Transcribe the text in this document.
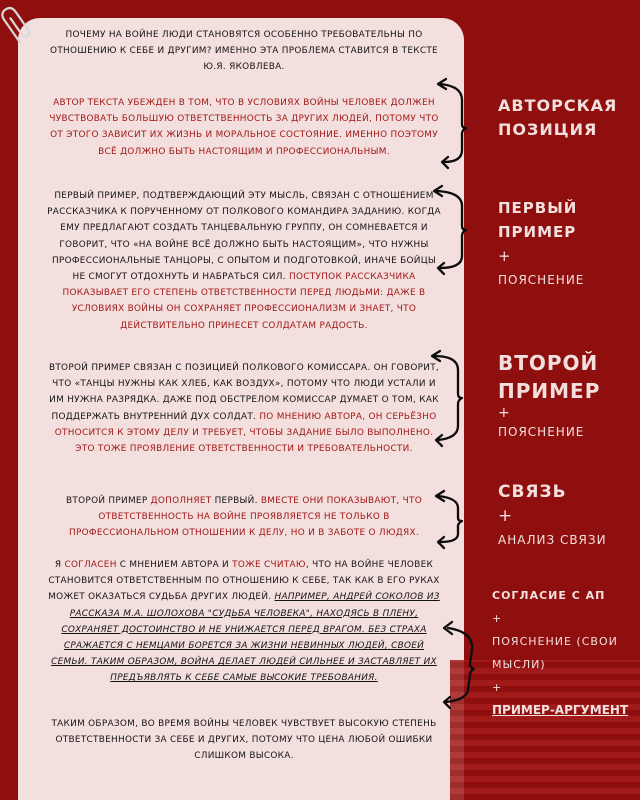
ПОЧЕМУ НА ВОЙНЕ ЛЮДИ СТАНОВЯТСЯ ОСОБЕННО ТРЕБОВАТЕЛЬНЫ ПО ОТНОШЕНИЮ К СЕБЕ И ДРУГИМ? ИМЕННО ЭТА ПРОБЛЕМА СТАВИТСЯ В ТЕКСТЕ Ю.Я. ЯКОВЛЕВА.
АВТОР ТЕКСТА УБЕЖДЕН В ТОМ, ЧТО В УСЛОВИЯХ ВОЙНЫ ЧЕЛОВЕК ДОЛЖЕН ЧУВСТВОВАТЬ БОЛЬШУЮ ОТВЕТСТВЕННОСТЬ ЗА ДРУГИХ ЛЮДЕЙ, ПОТОМУ ЧТО ОТ ЭТОГО ЗАВИСИТ ИХ ЖИЗНЬ И МОРАЛЬНОЕ СОСТОЯНИЕ. ИМЕННО ПОЭТОМУ ВСЁ ДОЛЖНО БЫТЬ НАСТОЯЩИМ И ПРОФЕССИОНАЛЬНЫМ.
ПЕРВЫЙ ПРИМЕР, ПОДТВЕРЖДАЮЩИЙ ЭТУ МЫСЛЬ, СВЯЗАН С ОТНОШЕНИЕМ РАССКАЗЧИКА К ПОРУЧЕННОМУ ОТ ПОЛКОВОГО КОМАНДИРА ЗАДАНИЮ. КОГДА ЕМУ ПРЕДЛАГАЮТ СОЗДАТЬ ТАНЦЕВАЛЬНУЮ ГРУППУ, ОН СОМНЕВАЕТСЯ И ГОВОРИТ, ЧТО «НА ВОЙНЕ ВСЁ ДОЛЖНО БЫТЬ НАСТОЯЩИМ», ЧТО НУЖНЫ ПРОФЕССИОНАЛЬНЫЕ ТАНЦОРЫ, С ОПЫТОМ И ПОДГОТОВКОЙ, ИНАЧЕ БОЙЦЫ НЕ СМОГУТ ОТДОХНУТЬ И НАБРАТЬСЯ СИЛ. ПОСТУПОК РАССКАЗЧИКА ПОКАЗЫВАЕТ ЕГО СТЕПЕНЬ ОТВЕТСТВЕННОСТИ ПЕРЕД ЛЮДЬМИ: ДАЖЕ В УСЛОВИЯХ ВОЙНЫ ОН СОХРАНЯЕТ ПРОФЕССИОНАЛИЗМ И ЗНАЕТ, ЧТО ДЕЙСТВИТЕЛЬНО ПРИНЕСЕТ СОЛДАТАМ РАДОСТЬ.
ВТОРОЙ ПРИМЕР СВЯЗАН С ПОЗИЦИЕЙ ПОЛКОВОГО КОМИССАРА. ОН ГОВОРИТ, ЧТО «ТАНЦЫ НУЖНЫ КАК ХЛЕБ, КАК ВОЗДУХ», ПОТОМУ ЧТО ЛЮДИ УСТАЛИ И ИМ НУЖНА РАЗРЯДКА. ДАЖЕ ПОД ОБСТРЕЛОМ КОМИССАР ДУМАЕТ О ТОМ, КАК ПОДДЕРЖАТЬ ВНУТРЕННИЙ ДУХ СОЛДАТ. ПО МНЕНИЮ АВТОРА, ОН СЕРЬЁЗНО ОТНОСИТСЯ К ЭТОМУ ДЕЛУ И ТРЕБУЕТ, ЧТОБЫ ЗАДАНИЕ БЫЛО ВЫПОЛНЕНО. ЭТО ТОЖЕ ПРОЯВЛЕНИЕ ОТВЕТСТВЕННОСТИ И ТРЕБОВАТЕЛЬНОСТИ.
ВТОРОЙ ПРИМЕР ДОПОЛНЯЕТ ПЕРВЫЙ. ВМЕСТЕ ОНИ ПОКАЗЫВАЮТ, ЧТО ОТВЕТСТВЕННОСТЬ НА ВОЙНЕ ПРОЯВЛЯЕТСЯ НЕ ТОЛЬКО В ПРОФЕССИОНАЛЬНОМ ОТНОШЕНИИ К ДЕЛУ, НО И В ЗАБОТЕ О ЛЮДЯХ.
Я СОГЛАСЕН С МНЕНИЕМ АВТОРА И ТОЖЕ СЧИТАЮ, ЧТО НА ВОЙНЕ ЧЕЛОВЕК СТАНОВИТСЯ ОТВЕТСТВЕННЫМ ПО ОТНОШЕНИЮ К СЕБЕ, ТАК КАК В ЕГО РУКАХ МОЖЕТ ОКАЗАТЬСЯ СУДЬБА ДРУГИХ ЛЮДЕЙ. НАПРИМЕР, АНДРЕЙ СОКОЛОВ ИЗ РАССКАЗА М.А. ШОЛОХОВА "СУДЬБА ЧЕЛОВЕКА", НАХОДЯСЬ В ПЛЕНУ, СОХРАНЯЕТ ДОСТОИНСТВО И НЕ УНИЖАЕТСЯ ПЕРЕД ВРАГОМ. БЕЗ СТРАХА СРАЖАЕТСЯ С НЕМЦАМИ БОРЕТСЯ ЗА ЖИЗНИ НЕВИННЫХ ЛЮДЕЙ, СВОЕЙ СЕМЬИ. ТАКИМ ОБРАЗОМ, ВОЙНА ДЕЛАЕТ ЛЮДЕЙ СИЛЬНЕЕ И ЗАСТАВЛЯЕТ ИХ ПРЕДЪЯВЛЯТЬ К СЕБЕ САМЫЕ ВЫСОКИЕ ТРЕБОВАНИЯ.
ТАКИМ ОБРАЗОМ, ВО ВРЕМЯ ВОЙНЫ ЧЕЛОВЕК ЧУВСТВУЕТ ВЫСОКУЮ СТЕПЕНЬ ОТВЕТСТВЕННОСТИ ЗА СЕБЕ И ДРУГИХ, ПОТОМУ ЧТО ЦЕНА ЛЮБОЙ ОШИБКИ СЛИШКОМ ВЫСОКА.
АВТОРСКАЯ
ПОЗИЦИЯ
ПЕРВЫЙ
ПРИМЕР
+
ПОЯСНЕНИЕ
ВТОРОЙ
ПРИМЕР
+
ПОЯСНЕНИЕ
СВЯЗЬ
+
АНАЛИЗ СВЯЗИ
СОГЛАСИЕ С АП
+
ПОЯСНЕНИЕ (СВОИ
МЫСЛИ)
+
ПРИМЕР-АРГУМЕНТ
